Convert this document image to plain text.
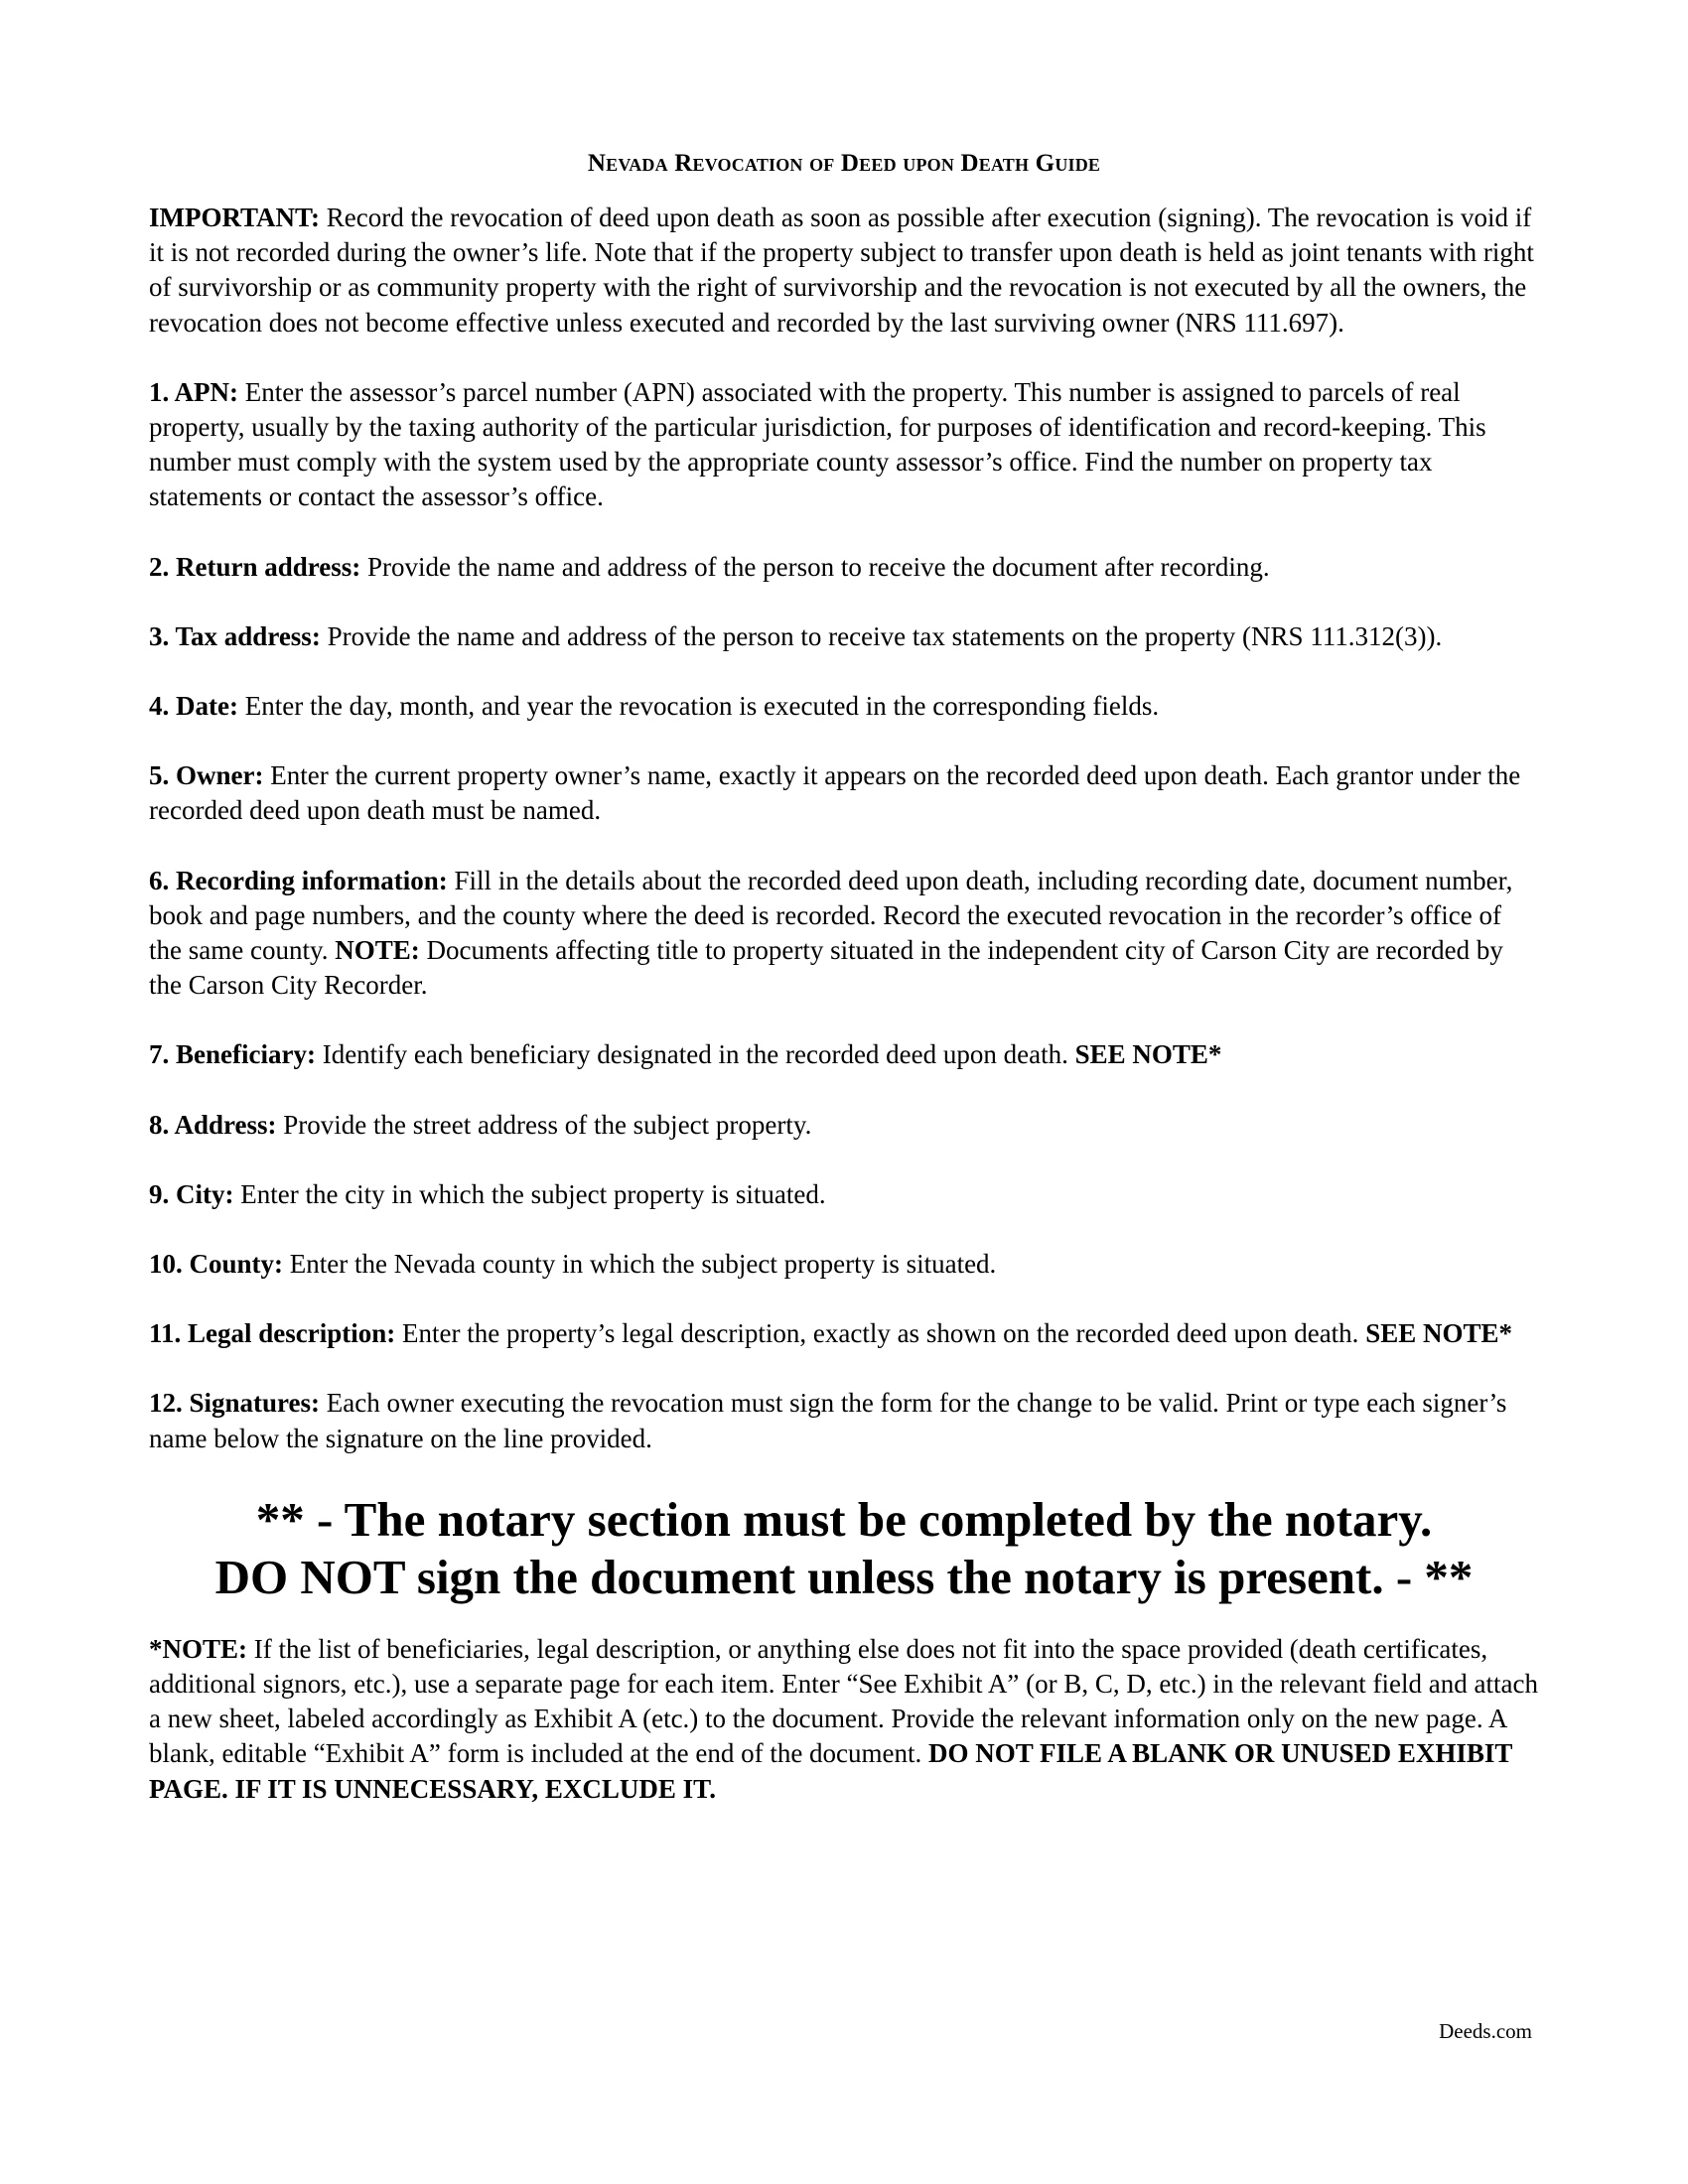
Nevada Revocation of Deed upon Death Guide

IMPORTANT: Record the revocation of deed upon death as soon as possible after execution (signing). The revocation is void if it is not recorded during the owner’s life. Note that if the property subject to transfer upon death is held as joint tenants with right of survivorship or as community property with the right of survivorship and the revocation is not executed by all the owners, the revocation does not become effective unless executed and recorded by the last surviving owner (NRS 111.697).

1. APN: Enter the assessor’s parcel number (APN) associated with the property. This number is assigned to parcels of real property, usually by the taxing authority of the particular jurisdiction, for purposes of identification and record-keeping. This number must comply with the system used by the appropriate county assessor’s office. Find the number on property tax statements or contact the assessor’s office.

2. Return address: Provide the name and address of the person to receive the document after recording.

3. Tax address: Provide the name and address of the person to receive tax statements on the property (NRS 111.312(3)).

4. Date: Enter the day, month, and year the revocation is executed in the corresponding fields.

5. Owner: Enter the current property owner’s name, exactly it appears on the recorded deed upon death. Each grantor under the recorded deed upon death must be named.

6. Recording information: Fill in the details about the recorded deed upon death, including recording date, document number, book and page numbers, and the county where the deed is recorded. Record the executed revocation in the recorder’s office of the same county. NOTE: Documents affecting title to property situated in the independent city of Carson City are recorded by the Carson City Recorder.

7. Beneficiary: Identify each beneficiary designated in the recorded deed upon death. SEE NOTE*

8. Address: Provide the street address of the subject property.

9. City: Enter the city in which the subject property is situated.

10. County: Enter the Nevada county in which the subject property is situated.

11. Legal description: Enter the property’s legal description, exactly as shown on the recorded deed upon death. SEE NOTE*

12. Signatures: Each owner executing the revocation must sign the form for the change to be valid. Print or type each signer’s name below the signature on the line provided.

** - The notary section must be completed by the notary.
DO NOT sign the document unless the notary is present. - **

*NOTE: If the list of beneficiaries, legal description, or anything else does not fit into the space provided (death certificates, additional signors, etc.), use a separate page for each item. Enter “See Exhibit A” (or B, C, D, etc.) in the relevant field and attach a new sheet, labeled accordingly as Exhibit A (etc.) to the document. Provide the relevant information only on the new page. A blank, editable “Exhibit A” form is included at the end of the document. DO NOT FILE A BLANK OR UNUSED EXHIBIT PAGE. IF IT IS UNNECESSARY, EXCLUDE IT.

Deeds.com
